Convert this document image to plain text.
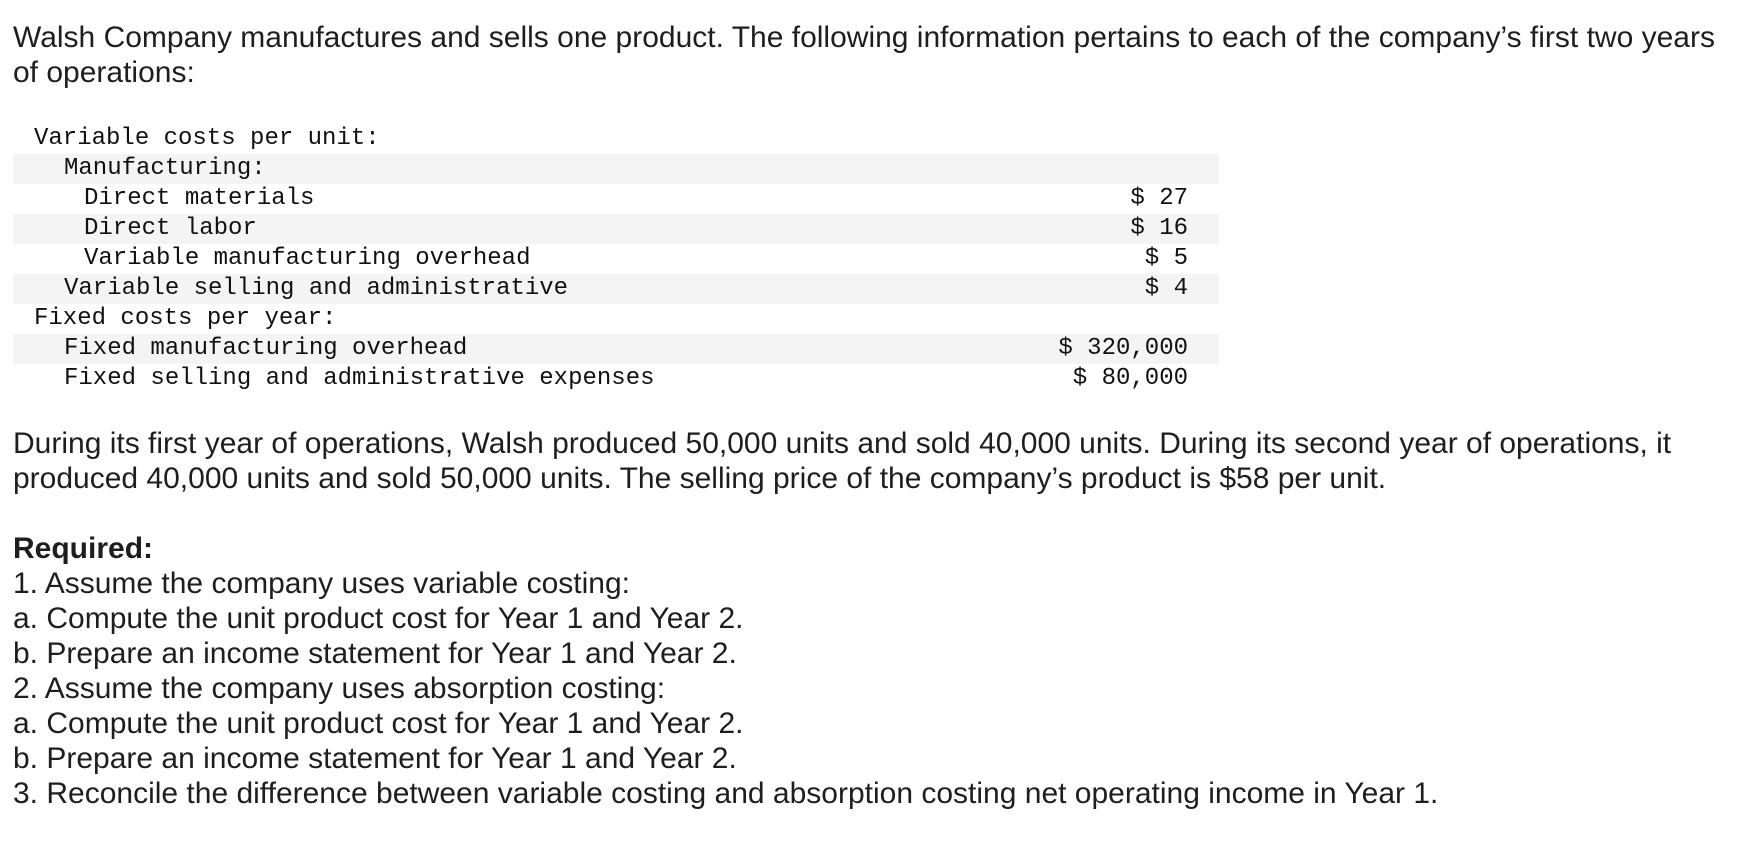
Walsh Company manufactures and sells one product. The following information pertains to each of the company’s first two years of operations:

Variable costs per unit:	
Manufacturing:	
Direct materials	$ 27
Direct labor	$ 16
Variable manufacturing overhead	$ 5
Variable selling and administrative	$ 4
Fixed costs per year:	
Fixed manufacturing overhead	$ 320,000
Fixed selling and administrative expenses	$ 80,000

During its first year of operations, Walsh produced 50,000 units and sold 40,000 units. During its second year of operations, it produced 40,000 units and sold 50,000 units. The selling price of the company’s product is $58 per unit.

Required:
1. Assume the company uses variable costing:
a. Compute the unit product cost for Year 1 and Year 2.
b. Prepare an income statement for Year 1 and Year 2.
2. Assume the company uses absorption costing:
a. Compute the unit product cost for Year 1 and Year 2.
b. Prepare an income statement for Year 1 and Year 2.
3. Reconcile the difference between variable costing and absorption costing net operating income in Year 1.
